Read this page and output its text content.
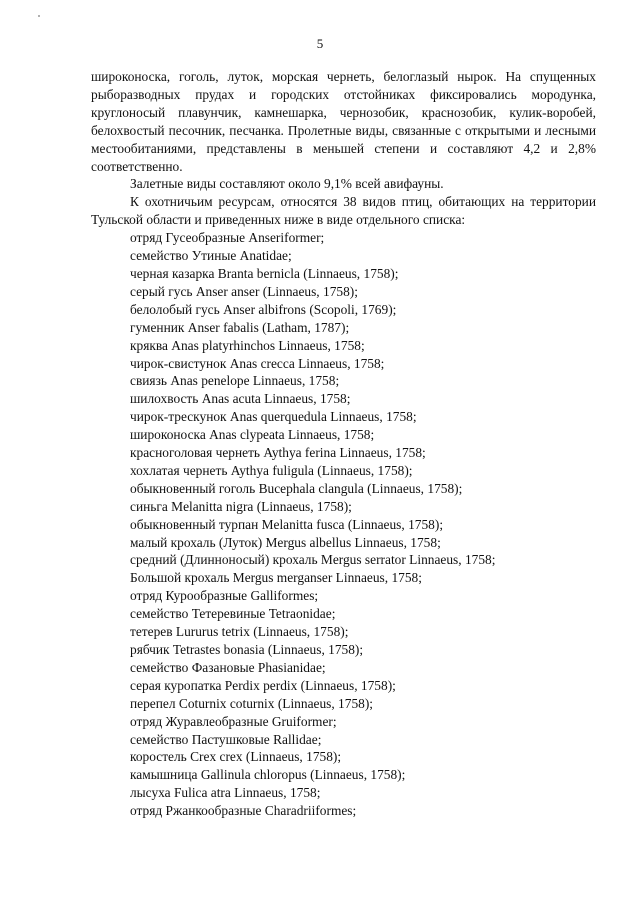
5

широконоска, гоголь, луток, морская чернеть, белоглазый нырок. На спущенных рыборазводных прудах и городских отстойниках фиксировались мородунка, круглоносый плавунчик, камнешарка, чернозобик, краснозобик, кулик-воробей, белохвостый песочник, песчанка. Пролетные виды, связанные с открытыми и лесными местообитаниями, представлены в меньшей степени и составляют 4,2 и 2,8% соответственно.

Залетные виды составляют около 9,1% всей авифауны.

К охотничьим ресурсам, относятся 38 видов птиц, обитающих на территории Тульской области и приведенных ниже в виде отдельного списка:

отряд Гусеобразные Anseriformer;
семейство Утиные Anatidae;
черная казарка Branta bernicla (Linnaeus, 1758);
серый гусь Anser anser (Linnaeus, 1758);
белолобый гусь Anser albifrons (Scopoli, 1769);
гуменник Anser fabalis (Latham, 1787);
кряква Anas platyrhinchos Linnaeus, 1758;
чирок-свистунок Anas crecca Linnaeus, 1758;
свиязь Anas penelope Linnaeus, 1758;
шилохвость Anas acuta Linnaeus, 1758;
чирок-трескунок Anas querquedula Linnaeus, 1758;
широконоска Anas clypeata Linnaeus, 1758;
красноголовая чернеть Aythya ferina Linnaeus, 1758;
хохлатая чернеть Aythya fuligula (Linnaeus, 1758);
обыкновенный гоголь Bucephala clangula (Linnaeus, 1758);
синьга Melanitta nigra (Linnaeus, 1758);
обыкновенный турпан Melanitta fusca (Linnaeus, 1758);
малый крохаль (Луток) Mergus albellus Linnaeus, 1758;
средний (Длинноносый) крохаль Mergus serrator Linnaeus, 1758;
Большой крохаль Mergus merganser Linnaeus, 1758;
отряд Курообразные Galliformes;
семейство Тетеревиные Tetraonidae;
тетерев Lururus tetrix (Linnaeus, 1758);
рябчик Tetrastes bonasia (Linnaeus, 1758);
семейство Фазановые Phasianidae;
серая куропатка Perdix perdix (Linnaeus, 1758);
перепел Coturnix coturnix (Linnaeus, 1758);
отряд Журавлеобразные Gruiformer;
семейство Пастушковые Rallidae;
коростель Crex crex (Linnaeus, 1758);
камышница Gallinula chloropus (Linnaeus, 1758);
лысуха Fulica atra Linnaeus, 1758;
отряд Ржанкообразные Charadriiformes;
